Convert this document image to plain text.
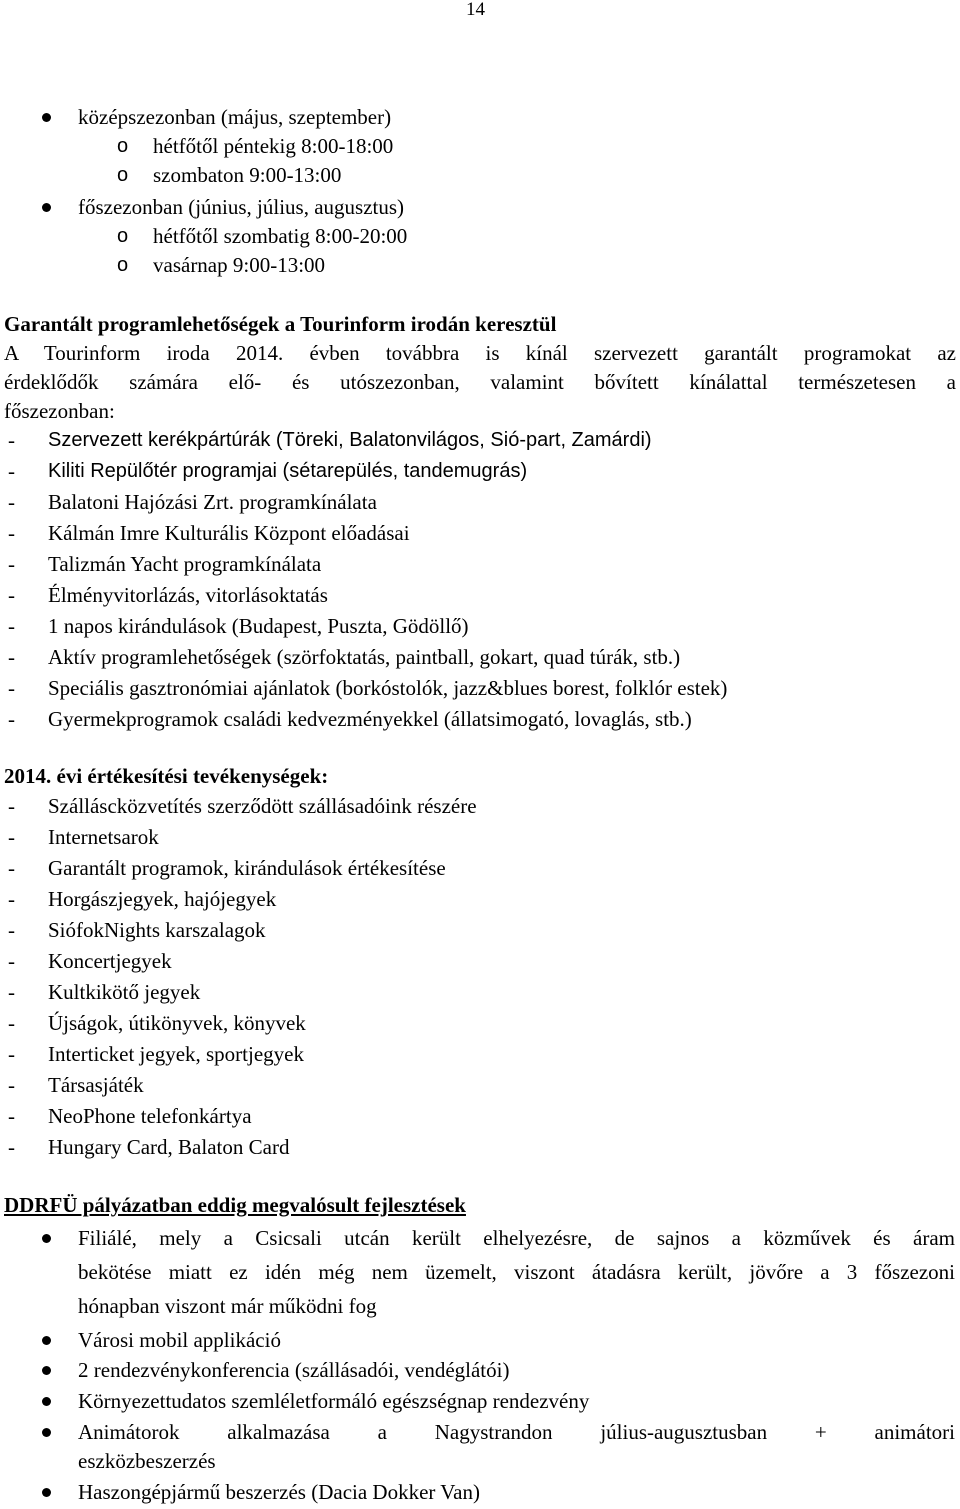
14
középszezonban (május, szeptember)
o hétfőtől péntekig 8:00-18:00
o szombaton 9:00-13:00
főszezonban (június, július, augusztus)
o hétfőtől szombatig 8:00-20:00
o vasárnap 9:00-13:00
Garantált programlehetőségek a Tourinform irodán keresztül
A Tourinform iroda 2014. évben továbbra is kínál szervezett garantált programokat az
érdeklődők számára elő- és utószezonban, valamint bővített kínálattal természetesen a
főszezonban:
- Szervezett kerékpártúrák (Töreki, Balatonvilágos, Sió-part, Zamárdi)
- Kiliti Repülőtér programjai (sétarepülés, tandemugrás)
- Balatoni Hajózási Zrt. programkínálata
- Kálmán Imre Kulturális Központ előadásai
- Talizmán Yacht programkínálata
- Élményvitorlázás, vitorlásoktatás
- 1 napos kirándulások (Budapest, Puszta, Gödöllő)
- Aktív programlehetőségek (szörfoktatás, paintball, gokart, quad túrák, stb.)
- Speciális gasztronómiai ajánlatok (borkóstolók, jazz&blues borest, folklór estek)
- Gyermekprogramok családi kedvezményekkel (állatsimogató, lovaglás, stb.)
2014. évi értékesítési tevékenységek:
- Szálláscközvetítés szerződött szállásadóink részére
- Internetsarok
- Garantált programok, kirándulások értékesítése
- Horgászjegyek, hajójegyek
- SiófokNights karszalagok
- Koncertjegyek
- Kultkikötő jegyek
- Újságok, útikönyvek, könyvek
- Interticket jegyek, sportjegyek
- Társasjáték
- NeoPhone telefonkártya
- Hungary Card, Balaton Card
DDRFÜ pályázatban eddig megvalósult fejlesztések
Filiálé, mely a Csicsali utcán került elhelyezésre, de sajnos a közművek és áram
bekötése miatt ez idén még nem üzemelt, viszont átadásra került, jövőre a 3 főszezoni
hónapban viszont már működni fog
Városi mobil applikáció
2 rendezvénykonferencia (szállásadói, vendéglátói)
Környezettudatos szemléletformáló egészségnap rendezvény
Animátorok alkalmazása a Nagystrandon július-augusztusban + animátori
eszközbeszerzés
Haszongépjármű beszerzés (Dacia Dokker Van)
